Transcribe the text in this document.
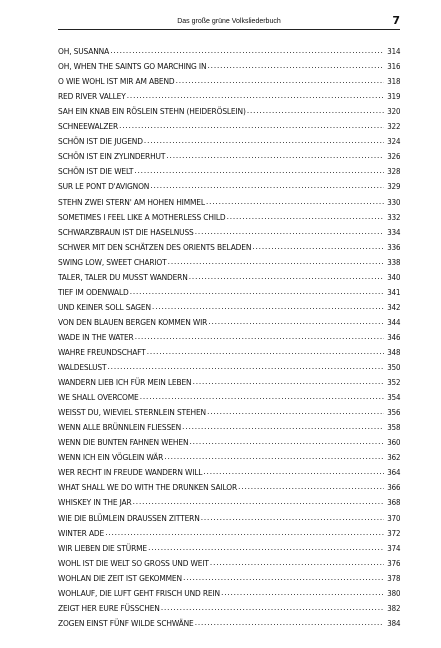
Das große grüne Volksliederbuch	7
OH, SUSANNA .....	314
OH, WHEN THE SAINTS GO MARCHING IN .....	316
O WIE WOHL IST MIR AM ABEND .....	318
RED RIVER VALLEY .....	319
SAH EIN KNAB EIN RÖSLEIN STEHN (HEIDERÖSLEIN) .....	320
SCHNEEWALZER .....	322
SCHÖN IST DIE JUGEND .....	324
SCHÖN IST EIN ZYLINDERHUT .....	326
SCHÖN IST DIE WELT .....	328
SUR LE PONT D'AVIGNON .....	329
STEHN ZWEI STERN' AM HOHEN HIMMEL .....	330
SOMETIMES I FEEL LIKE A MOTHERLESS CHILD .....	332
SCHWARZBRAUN IST DIE HASELNUSS .....	334
SCHWER MIT DEN SCHÄTZEN DES ORIENTS BELADEN .....	336
SWING LOW, SWEET CHARIOT .....	338
TALER, TALER DU MUSST WANDERN .....	340
TIEF IM ODENWALD .....	341
UND KEINER SOLL SAGEN .....	342
VON DEN BLAUEN BERGEN KOMMEN WIR .....	344
WADE IN THE WATER .....	346
WAHRE FREUNDSCHAFT .....	348
WALDESLUST .....	350
WANDERN LIEB ICH FÜR MEIN LEBEN .....	352
WE SHALL OVERCOME .....	354
WEISST DU, WIEVIEL STERNLEIN STEHEN .....	356
WENN ALLE BRÜNNLEIN FLIESSEN .....	358
WENN DIE BUNTEN FAHNEN WEHEN .....	360
WENN ICH EIN VÖGLEIN WÄR .....	362
WER RECHT IN FREUDE WANDERN WILL .....	364
WHAT SHALL WE DO WITH THE DRUNKEN SAILOR .....	366
WHISKEY IN THE JAR .....	368
WIE DIE BLÜMLEIN DRAUSSEN ZITTERN .....	370
WINTER ADE .....	372
WIR LIEBEN DIE STÜRME .....	374
WOHL IST DIE WELT SO GROSS UND WEIT .....	376
WOHLAN DIE ZEIT IST GEKOMMEN .....	378
WOHLAUF, DIE LUFT GEHT FRISCH UND REIN .....	380
ZEIGT HER EURE FÜSSCHEN .....	382
ZOGEN EINST FÜNF WILDE SCHWÄNE .....	384
